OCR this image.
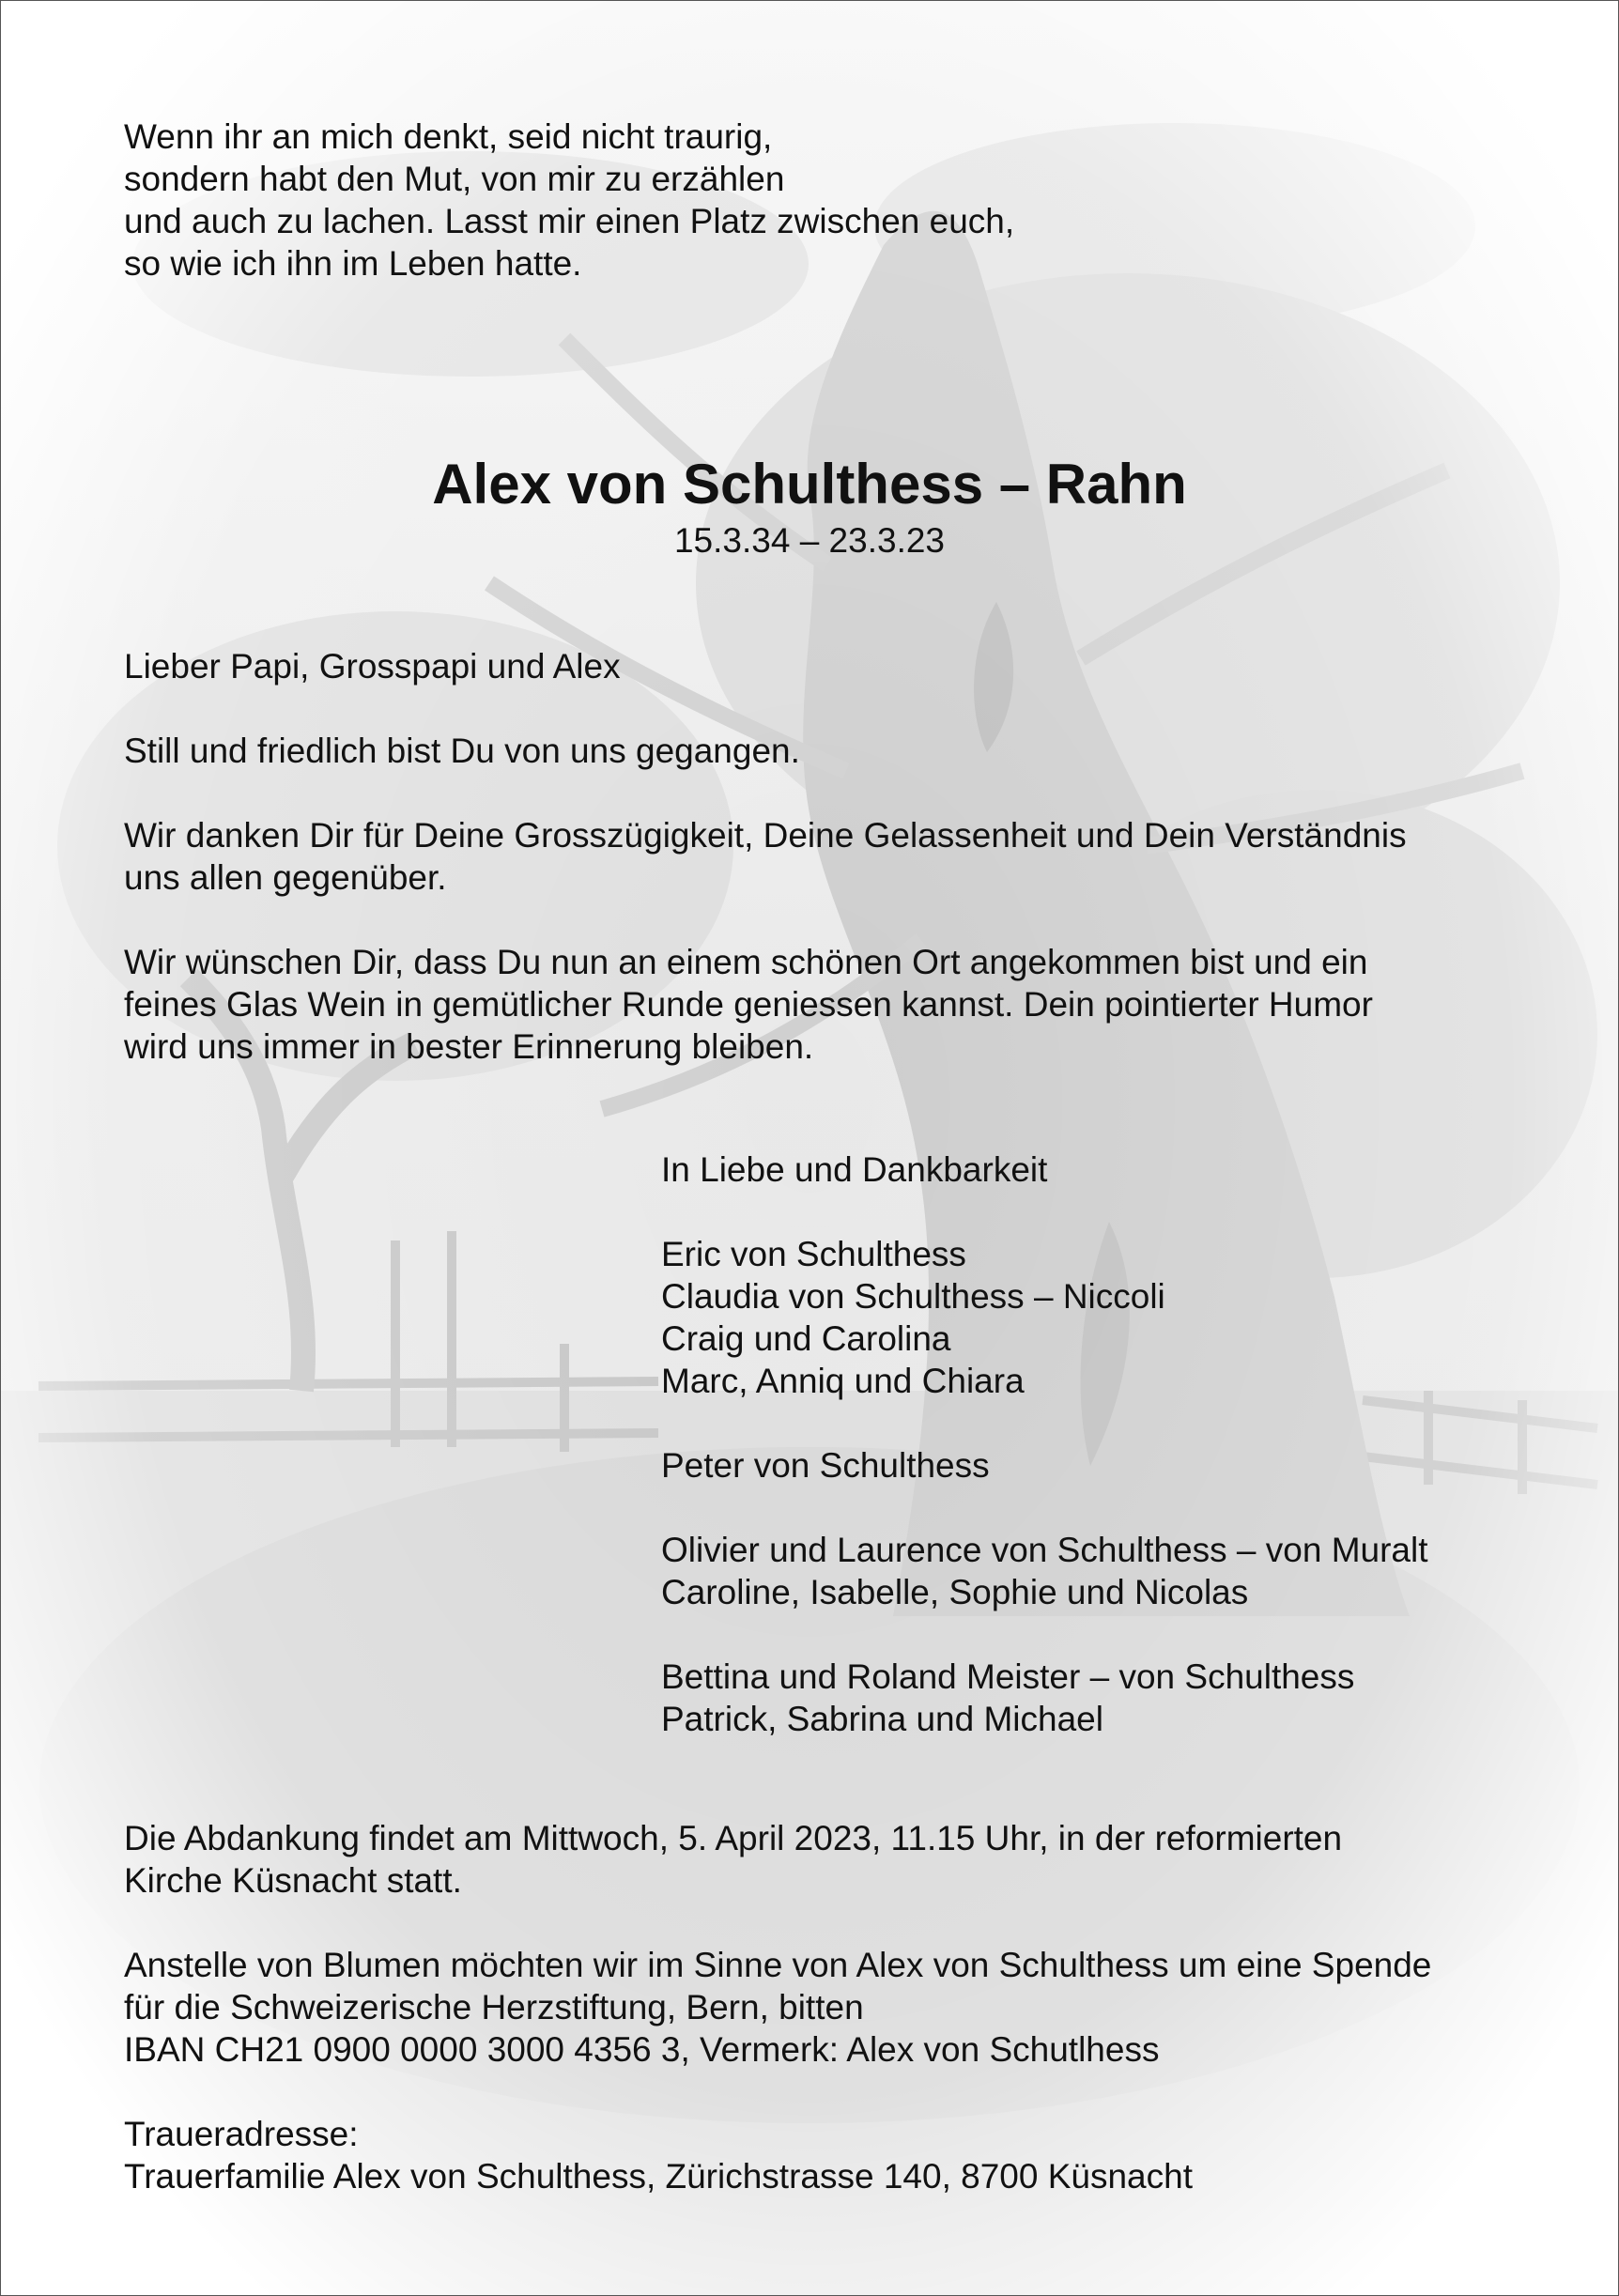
Wenn ihr an mich denkt, seid nicht traurig,
sondern habt den Mut, von mir zu erzählen
und auch zu lachen. Lasst mir einen Platz zwischen euch,
so wie ich ihn im Leben hatte.
Alex von Schulthess – Rahn
15.3.34 – 23.3.23

Lieber Papi, Grosspapi und Alex

Still und friedlich bist Du von uns gegangen.

Wir danken Dir für Deine Grosszügigkeit, Deine Gelassenheit und Dein Verständnis
uns allen gegenüber.

Wir wünschen Dir, dass Du nun an einem schönen Ort angekommen bist und ein
feines Glas Wein in gemütlicher Runde geniessen kannst. Dein pointierter Humor
wird uns immer in bester Erinnerung bleiben.

In Liebe und Dankbarkeit
Eric von Schulthess
Claudia von Schulthess – Niccoli
Craig und Carolina
Marc, Anniq und Chiara
Peter von Schulthess
Olivier und Laurence von Schulthess – von Muralt
Caroline, Isabelle, Sophie und Nicolas
Bettina und Roland Meister – von Schulthess
Patrick, Sabrina und Michael

Die Abdankung findet am Mittwoch, 5. April 2023, 11.15 Uhr, in der reformierten
Kirche Küsnacht statt.

Anstelle von Blumen möchten wir im Sinne von Alex von Schulthess um eine Spende
für die Schweizerische Herzstiftung, Bern, bitten
IBAN CH21 0900 0000 3000 4356 3, Vermerk: Alex von Schutlhess

Traueradresse:
Trauerfamilie Alex von Schulthess, Zürichstrasse 140, 8700 Küsnacht
